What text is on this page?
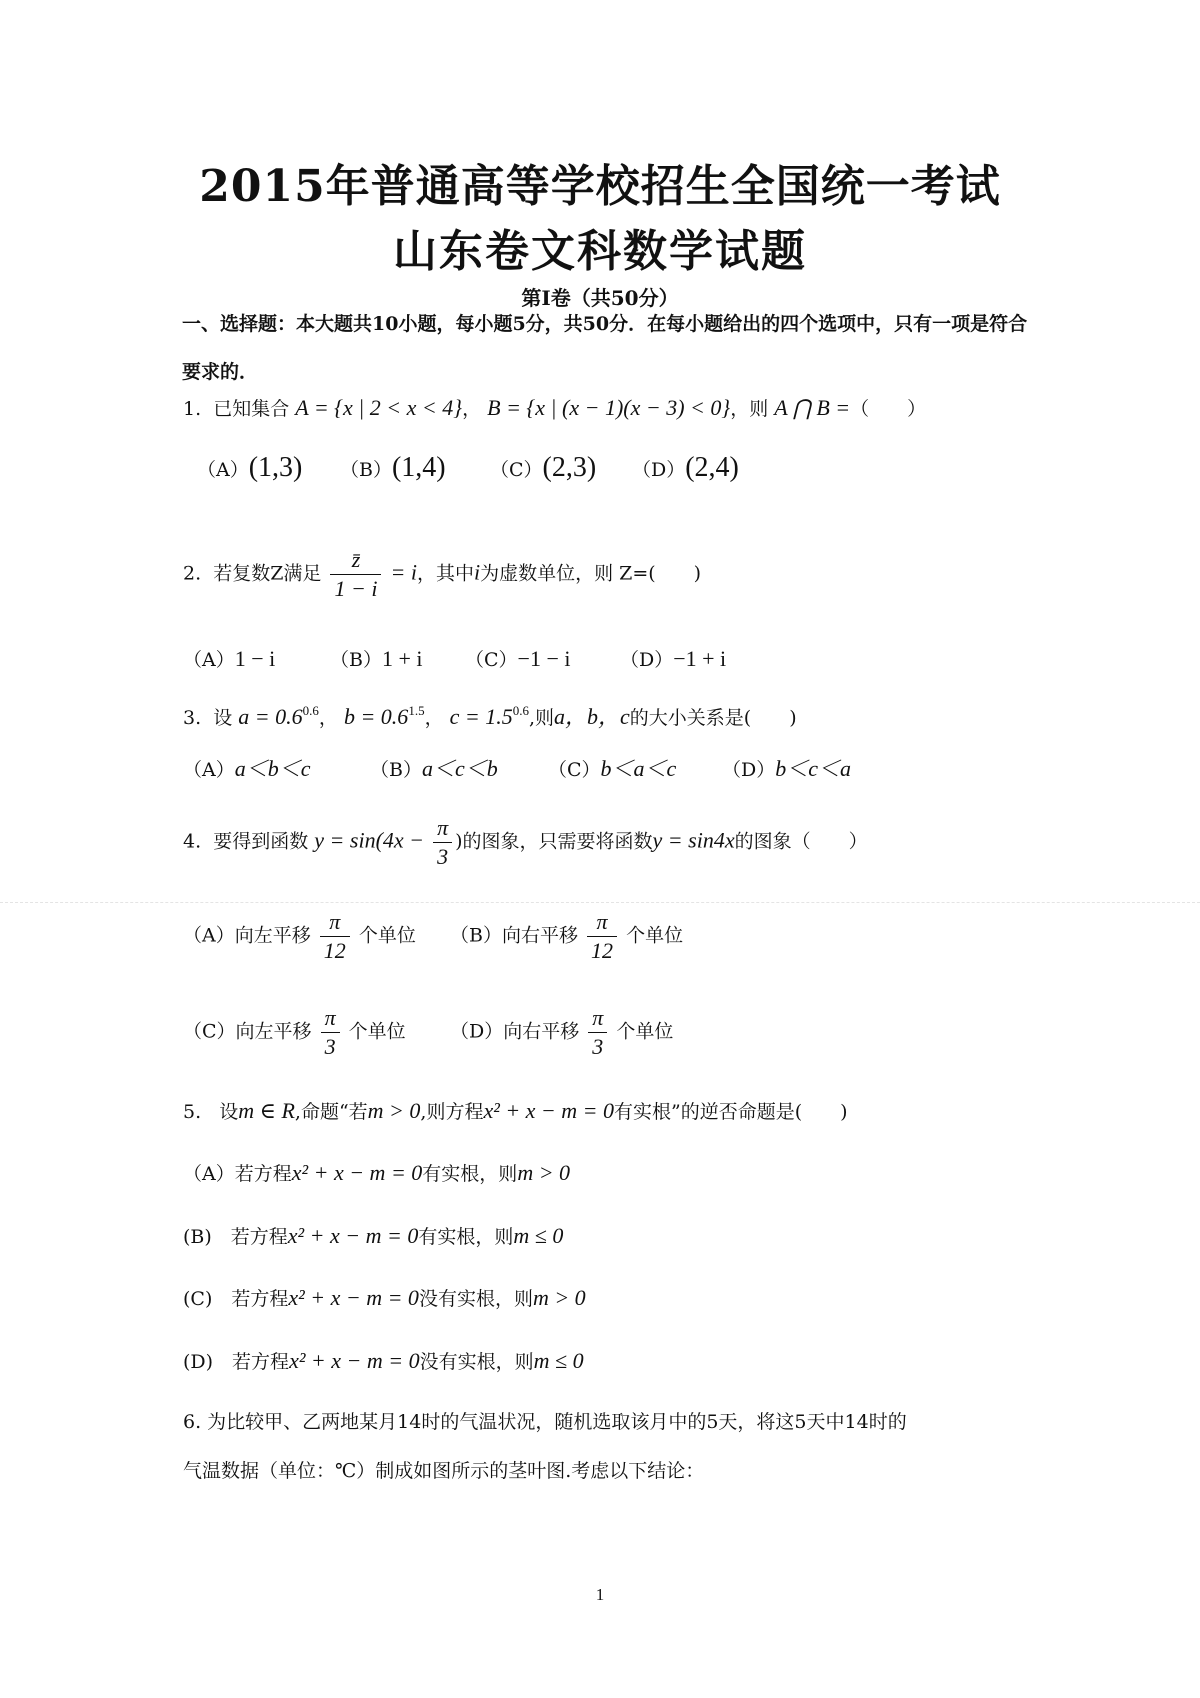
2015年普通高等学校招生全国统一考试
山东卷文科数学试题
第Ⅰ卷（共50分）
一、选择题：本大题共10小题，每小题5分，共50分．在每小题给出的四个选项中，只有一项是符合要求的．
1. 已知集合 A = {x | 2 < x < 4}， B = {x | (x − 1)(x − 3) < 0}，则 A ⋂ B =（　　）
（A）(1,3) （B）(1,4) （C）(2,3) （D）(2,4)
2. 若复数Z满足 $\frac{z̄}{1 - i} = i$，其中i为虚数单位，则 Z=(　　)
（A）1 − i	（B）1 + i （C）−1 − i	（D）−1 + i
3. 设 $a = 0.6^{0.6}$， $b = 0.6^{1.5}$， $c = 1.5^{0.6}$,则a，b，c的大小关系是(　　)
（A）a＜b＜c	（B）a＜c＜b	（C）b＜a＜c （D）b＜c＜a
4. 要得到函数 $y = \sin(4x - \frac{\pi}{3}$ )的图象，只需要将函数y = sin4x的图象（　　）
（A）向左平移 $\frac{\pi}{12}$ 个单位 （B）向右平移 $\frac{\pi}{12}$ 个单位
（C）向左平移 $\frac{\pi}{3}$ 个单位 （D）向右平移 $\frac{\pi}{3}$ 个单位
5. 设m ∈ R,命题“若m > 0,则方程x² + x − m = 0有实根”的逆否命题是(　　)
（A）若方程x² + x − m = 0有实根，则m > 0
(B)　若方程x² + x − m = 0有实根，则m ≤ 0
(C)　若方程x² + x − m = 0没有实根，则m > 0
(D)　若方程x² + x − m = 0没有实根，则m ≤ 0
6. 为比较甲、乙两地某月14时的气温状况，随机选取该月中的5天，将这5天中14时的
气温数据（单位：℃）制成如图所示的茎叶图.考虑以下结论：
1
